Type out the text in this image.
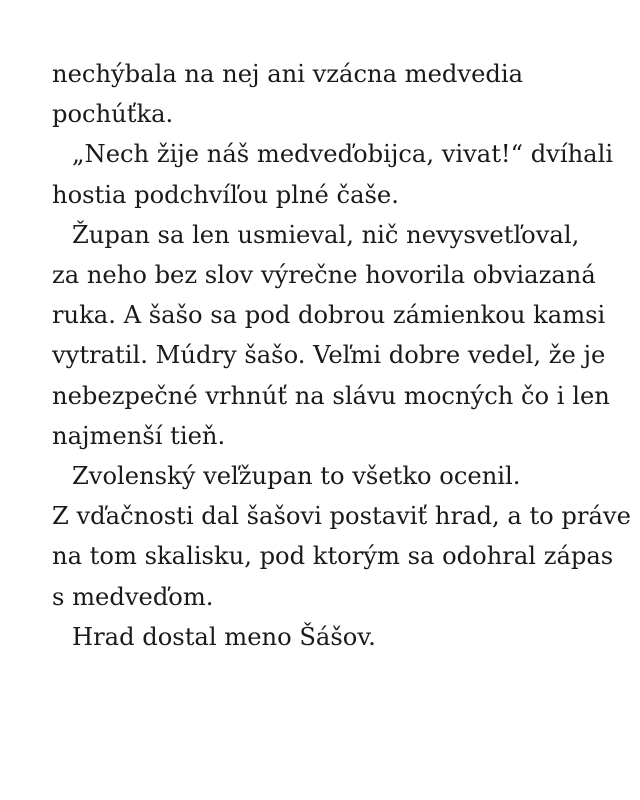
nechýbala na nej ani vzácna medvedia
pochúťka.
„Nech žije náš medveďobijca, vivat!“ dvíhali
hostia podchvíľou plné čaše.
Župan sa len usmieval, nič nevysvetľoval,
za neho bez slov výrečne hovorila obviazaná
ruka. A šašo sa pod dobrou zámienkou kamsi
vytratil. Múdry šašo. Veľmi dobre vedel, že je
nebezpečné vrhnúť na slávu mocných čo i len
najmenší tieň.
Zvolenský veľžupan to všetko ocenil.
Z vďačnosti dal šašovi postaviť hrad, a to práve
na tom skalisku, pod ktorým sa odohral zápas
s medveďom.
Hrad dostal meno Šášov.
